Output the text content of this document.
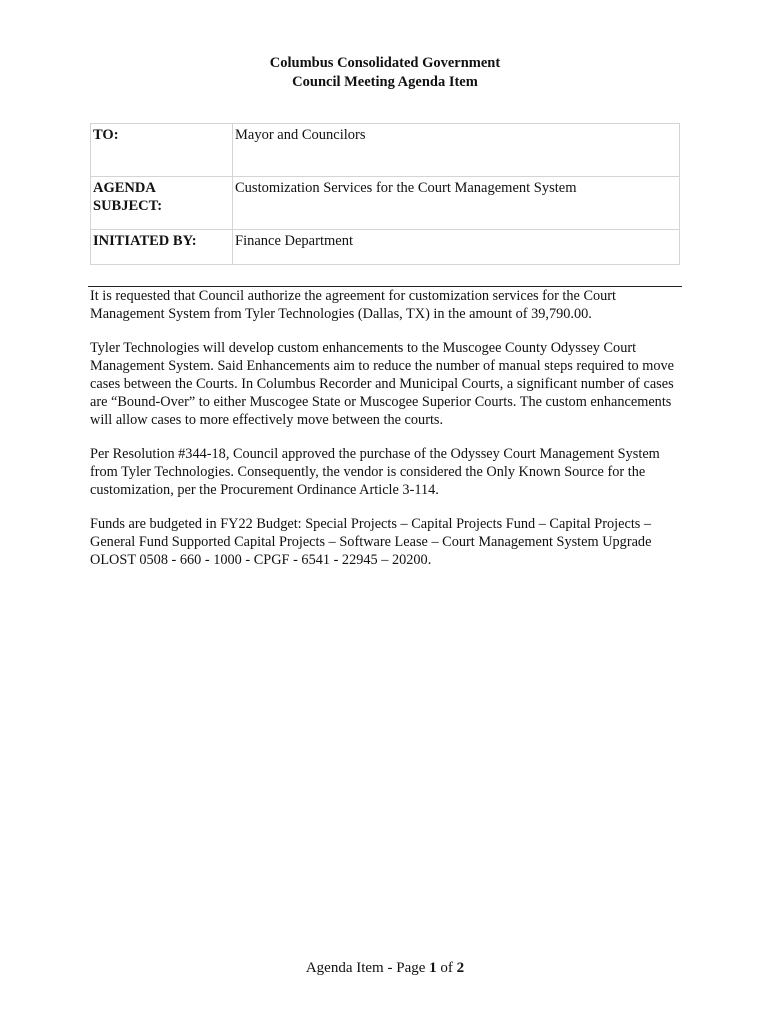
Columbus Consolidated Government
Council Meeting Agenda Item
TO:	Mayor and Councilors

AGENDA
SUBJECT:	Customization Services for the Court Management System
INITIATED BY:	Finance Department

It is requested that Council authorize the agreement for customization services for the Court Management System from Tyler Technologies (Dallas, TX) in the amount of 39,790.00.

Tyler Technologies will develop custom enhancements to the Muscogee County Odyssey Court Management System. Said Enhancements aim to reduce the number of manual steps required to move cases between the Courts. In Columbus Recorder and Municipal Courts, a significant number of cases are “Bound-Over” to either Muscogee State or Muscogee Superior Courts. The custom enhancements will allow cases to more effectively move between the courts.

Per Resolution #344-18, Council approved the purchase of the Odyssey Court Management System from Tyler Technologies. Consequently, the vendor is considered the Only Known Source for the customization, per the Procurement Ordinance Article 3-114.

Funds are budgeted in FY22 Budget: Special Projects – Capital Projects Fund – Capital Projects – General Fund Supported Capital Projects – Software Lease – Court Management System Upgrade OLOST 0508 - 660 - 1000 - CPGF - 6541 - 22945 – 20200.

Agenda Item - Page 1 of 2
